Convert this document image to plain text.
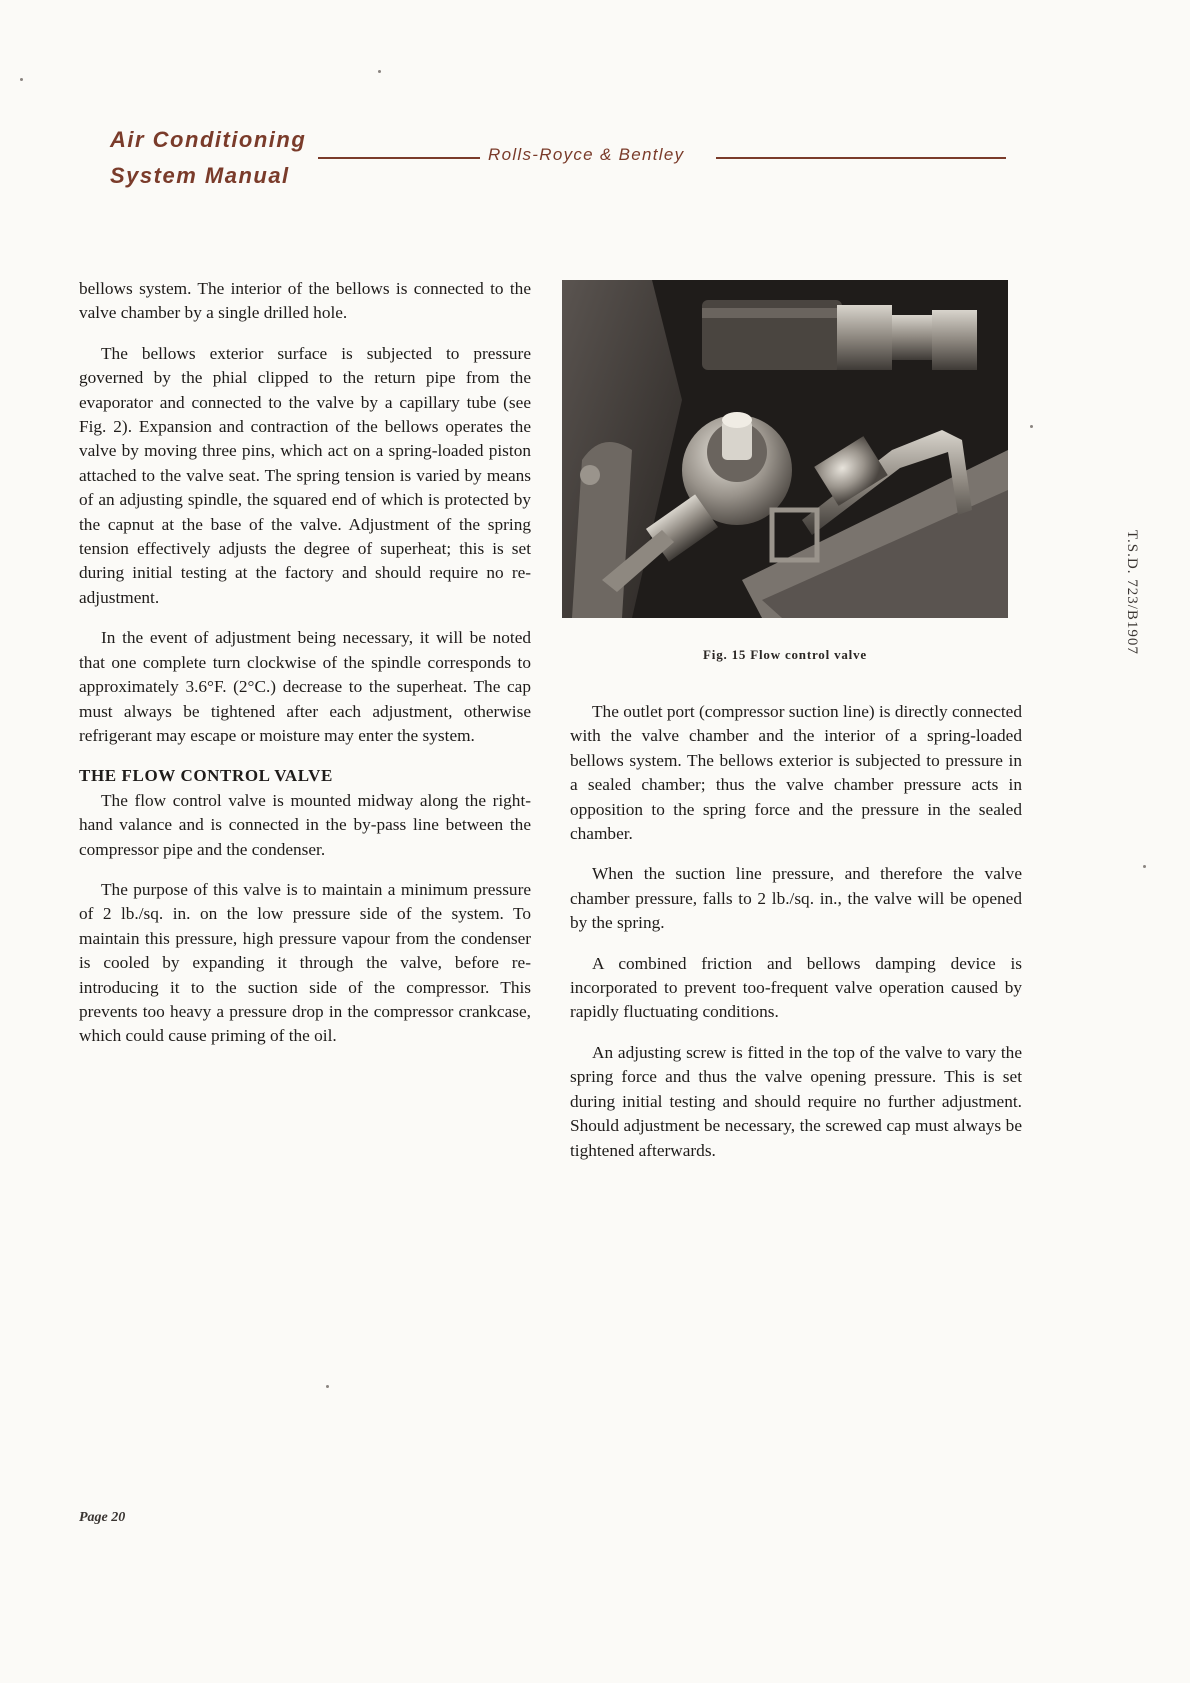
Air Conditioning
System Manual
Rolls-Royce & Bentley

bellows system. The interior of the bellows is connected to the valve chamber by a single drilled hole.

The bellows exterior surface is subjected to pressure governed by the phial clipped to the return pipe from the evaporator and connected to the valve by a capillary tube (see Fig. 2). Expansion and contraction of the bellows operates the valve by moving three pins, which act on a spring-loaded piston attached to the valve seat. The spring tension is varied by means of an adjusting spindle, the squared end of which is protected by the capnut at the base of the valve. Adjustment of the spring tension effectively adjusts the degree of superheat; this is set during initial testing at the factory and should require no re-adjustment.

In the event of adjustment being necessary, it will be noted that one complete turn clockwise of the spindle corresponds to approximately 3.6°F. (2°C.) decrease to the superheat. The cap must always be tightened after each adjustment, otherwise refrigerant may escape or moisture may enter the system.

THE FLOW CONTROL VALVE

The flow control valve is mounted midway along the right-hand valance and is connected in the by-pass line between the compressor pipe and the condenser.

The purpose of this valve is to maintain a minimum pressure of 2 lb./sq. in. on the low pressure side of the system. To maintain this pressure, high pressure vapour from the condenser is cooled by expanding it through the valve, before re-introducing it to the suction side of the compressor. This prevents too heavy a pressure drop in the compressor crankcase, which could cause priming of the oil.

Fig. 15 Flow control valve

The outlet port (compressor suction line) is directly connected with the valve chamber and the interior of a spring-loaded bellows system. The bellows exterior is subjected to pressure in a sealed chamber; thus the valve chamber pressure acts in opposition to the spring force and the pressure in the sealed chamber.

When the suction line pressure, and therefore the valve chamber pressure, falls to 2 lb./sq. in., the valve will be opened by the spring.

A combined friction and bellows damping device is incorporated to prevent too-frequent valve operation caused by rapidly fluctuating conditions.

An adjusting screw is fitted in the top of the valve to vary the spring force and thus the valve opening pressure. This is set during initial testing and should require no further adjustment. Should adjustment be necessary, the screwed cap must always be tightened afterwards.

T.S.D. 723/B1907
Page 20
